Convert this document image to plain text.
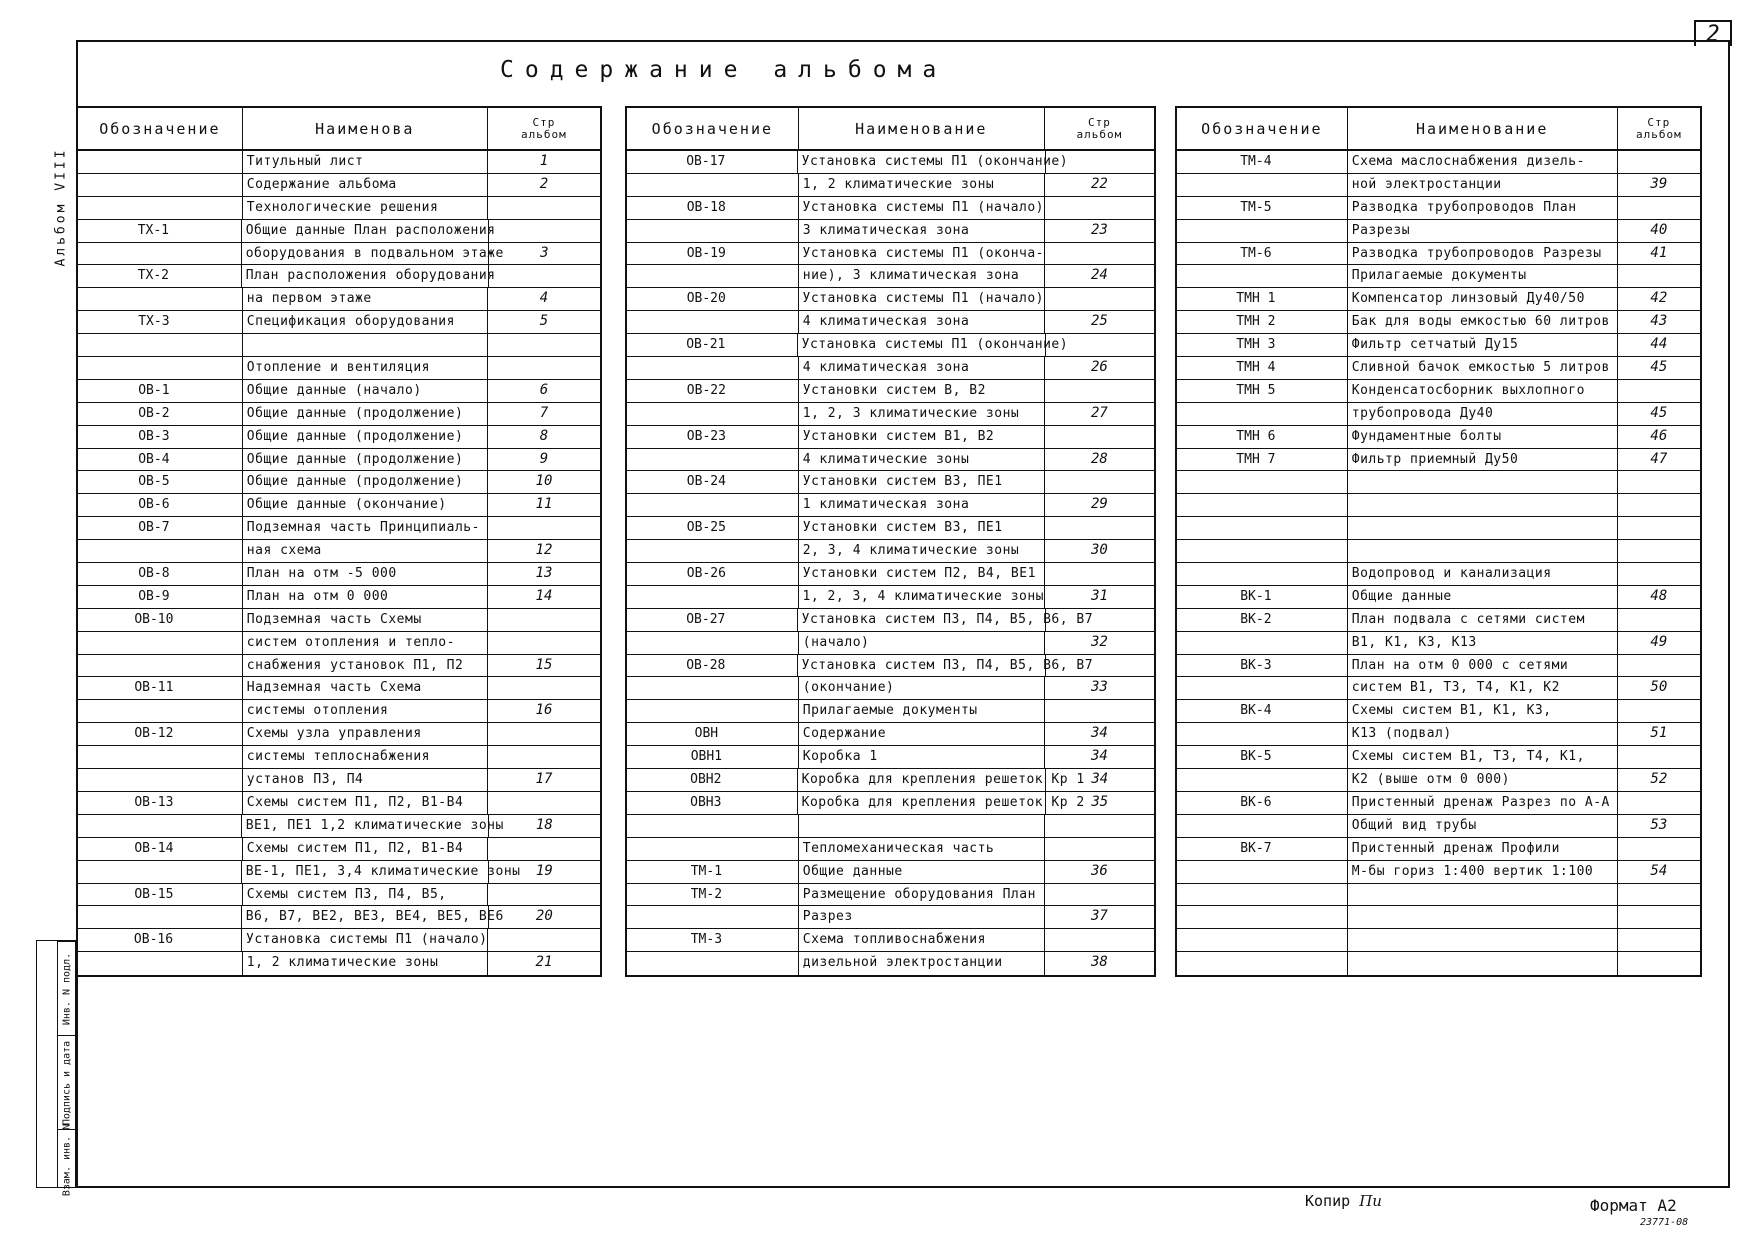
2
Содержание альбома
Альбом VIII
Инв. N подл.
Подпись и дата
Взам. инв. N
Обозначение	Наименова	Стр
альбом
Титульный лист	1
Содержание альбома	2
Технологические решения
ТХ-1	Общие данные План расположения
оборудования в подвальном этаже	3
ТХ-2	План расположения оборудования
на первом этаже	4
ТХ-3	Спецификация оборудования	5
Отопление и вентиляция
ОВ-1	Общие данные (начало)	6
ОВ-2	Общие данные (продолжение)	7
ОВ-3	Общие данные (продолжение)	8
ОВ-4	Общие данные (продолжение)	9
ОВ-5	Общие данные (продолжение)	10
ОВ-6	Общие данные (окончание)	11
ОВ-7	Подземная часть Принципиаль-
ная схема	12
ОВ-8	План на отм -5 000	13
ОВ-9	План на отм 0 000	14
ОВ-10	Подземная часть Схемы
систем отопления и тепло-
снабжения установок П1, П2	15
ОВ-11	Надземная часть Схема
системы отопления	16
ОВ-12	Схемы узла управления
системы теплоснабжения
установ П3, П4	17
ОВ-13	Схемы систем П1, П2, В1-В4
ВЕ1, ПЕ1 1,2 климатические зоны	18
ОВ-14	Схемы систем П1, П2, В1-В4
ВЕ-1, ПЕ1, 3,4 климатические зоны	19
ОВ-15	Схемы систем П3, П4, В5,
В6, В7, ВЕ2, ВЕ3, ВЕ4, ВЕ5, ВЕ6	20
ОВ-16	Установка системы П1 (начало)
1, 2 климатические зоны	21
Обозначение	Наименование	Стр
альбом
ОВ-17	Установка системы П1 (окончание)
1, 2 климатические зоны	22
ОВ-18	Установка системы П1 (начало)
3 климатическая зона	23
ОВ-19	Установка системы П1 (оконча-
ние), 3 климатическая зона	24
ОВ-20	Установка системы П1 (начало)
4 климатическая зона	25
ОВ-21	Установка системы П1 (окончание)
4 климатическая зона	26
ОВ-22	Установки систем В, В2
1, 2, 3 климатические зоны	27
ОВ-23	Установки систем В1, В2
4 климатические зоны	28
ОВ-24	Установки систем В3, ПЕ1
1 климатическая зона	29
ОВ-25	Установки систем В3, ПЕ1
2, 3, 4 климатические зоны	30
ОВ-26	Установки систем П2, В4, ВЕ1
1, 2, 3, 4 климатические зоны	31
ОВ-27	Установка систем П3, П4, В5, В6, В7
(начало)	32
ОВ-28	Установка систем П3, П4, В5, В6, В7
(окончание)	33
Прилагаемые документы
ОВН	Содержание	34
ОВН1	Коробка 1	34
ОВН2	Коробка для крепления решеток Кр 1 34
ОВН3	Коробка для крепления решеток Кр 2 35
Тепломеханическая часть
ТМ-1	Общие данные	36
ТМ-2	Размещение оборудования План
Разрез	37
ТМ-3	Схема топливоснабжения
дизельной электростанции	38
Обозначение	Наименование	Стр
альбом
ТМ-4	Схема маслоснабжения дизель-
ной электростанции	39
ТМ-5	Разводка трубопроводов План
Разрезы	40
ТМ-6	Разводка трубопроводов Разрезы	41
Прилагаемые документы
ТМН 1	Компенсатор линзовый Ду40/50	42
ТМН 2	Бак для воды емкостью 60 литров	43
ТМН 3	Фильтр сетчатый Ду15	44
ТМН 4	Сливной бачок емкостью 5 литров	45
ТМН 5	Конденсатосборник выхлопного
трубопровода Ду40	45
ТМН 6	Фундаментные болты	46
ТМН 7	Фильтр приемный Ду50	47
Водопровод и канализация
ВК-1	Общие данные	48
ВК-2	План подвала с сетями систем
В1, К1, К3, К13	49
ВК-3	План на отм 0 000 с сетями
систем В1, Т3, Т4, К1, К2	50
ВК-4	Схемы систем В1, К1, К3,
К13 (подвал)	51
ВК-5	Схемы систем В1, Т3, Т4, К1,
К2 (выше отм 0 000)	52
ВК-6	Пристенный дренаж Разрез по А-А
Общий вид трубы	53
ВК-7	Пристенный дренаж Профили
М-бы гориз 1:400 вертик 1:100	54
Копир Пи	Формат А2
23771-08
